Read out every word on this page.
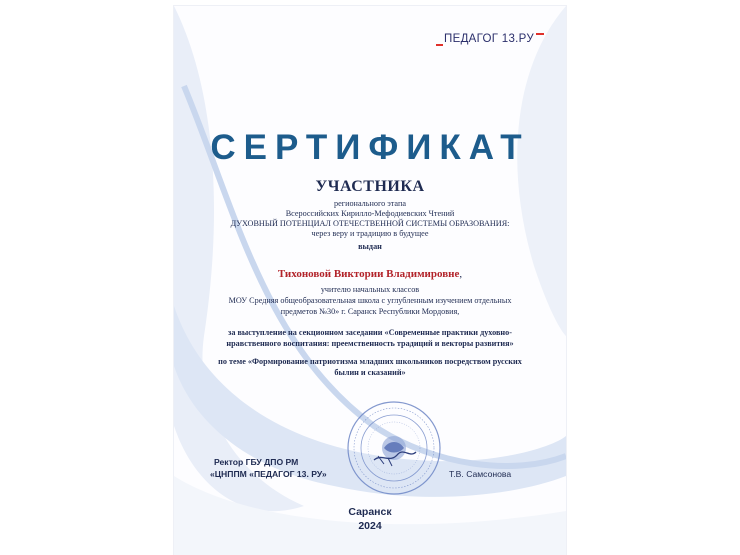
ПЕДАГОГ 13.РУ
СЕРТИФИКАТ
УЧАСТНИКА
регионального этапа
Всероссийских Кирилло-Мефодиевских Чтений
ДУХОВНЫЙ ПОТЕНЦИАЛ ОТЕЧЕСТВЕННОЙ СИСТЕМЫ ОБРАЗОВАНИЯ:
через веру и традицию в будущее
выдан
Тихоновой Виктории Владимировне,
учителю начальных классов
МОУ Средняя общеобразовательная школа с углубленным изучением отдельных
предметов №30» г. Саранск Республики Мордовия,
за выступление на секционном заседании «Современные практики духовно-
нравственного воспитания: преемственность традиций и векторы развития»
по теме «Формирование патриотизма младших школьников посредством русских
былин и сказаний»
Ректор ГБУ ДПО РМ
«ЦНППМ «ПЕДАГОГ 13. РУ»	Т.В. Самсонова
Саранск
2024
